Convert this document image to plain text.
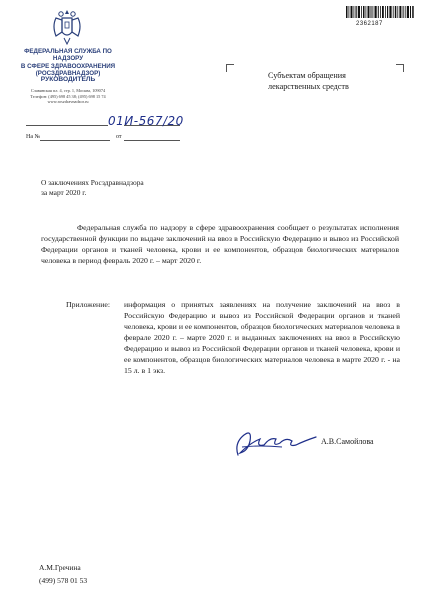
ФЕДЕРАЛЬНАЯ СЛУЖБА ПО НАДЗОРУ
В СФЕРЕ ЗДРАВООХРАНЕНИЯ
(РОСЗДРАВНАДЗОР)
РУКОВОДИТЕЛЬ
Славянская пл. 4, стр. 1, Москва, 109074
Телефон: (495) 698 45 38; (495) 698 15 74
www.roszdravnadzor.ru
01И-567/20
На №	от
2362187
Субъектам обращения
лекарственных средств
О заключениях Росздравнадзора
за март 2020 г.
Федеральная служба по надзору в сфере здравоохранения сообщает о результатах исполнения государственной функции по выдаче заключений на ввоз в Российскую Федерацию и вывоз из Российской Федерации органов и тканей человека, крови и ее компонентов, образцов биологических материалов человека в период февраль 2020 г. – март 2020 г.
Приложение: информация о принятых заявлениях на получение заключений на ввоз в Российскую Федерацию и вывоз из Российской Федерации органов и тканей человека, крови и ее компонентов, образцов биологических материалов человека в феврале 2020 г. – марте 2020 г. и выданных заключениях на ввоз в Российскую Федерацию и вывоз из Российской Федерации органов и тканей человека, крови и ее компонентов, образцов биологических материалов человека в марте 2020 г. - на 15 л. в 1 экз.
А.В.Самойлова
А.М.Гречина
(499) 578 01 53
